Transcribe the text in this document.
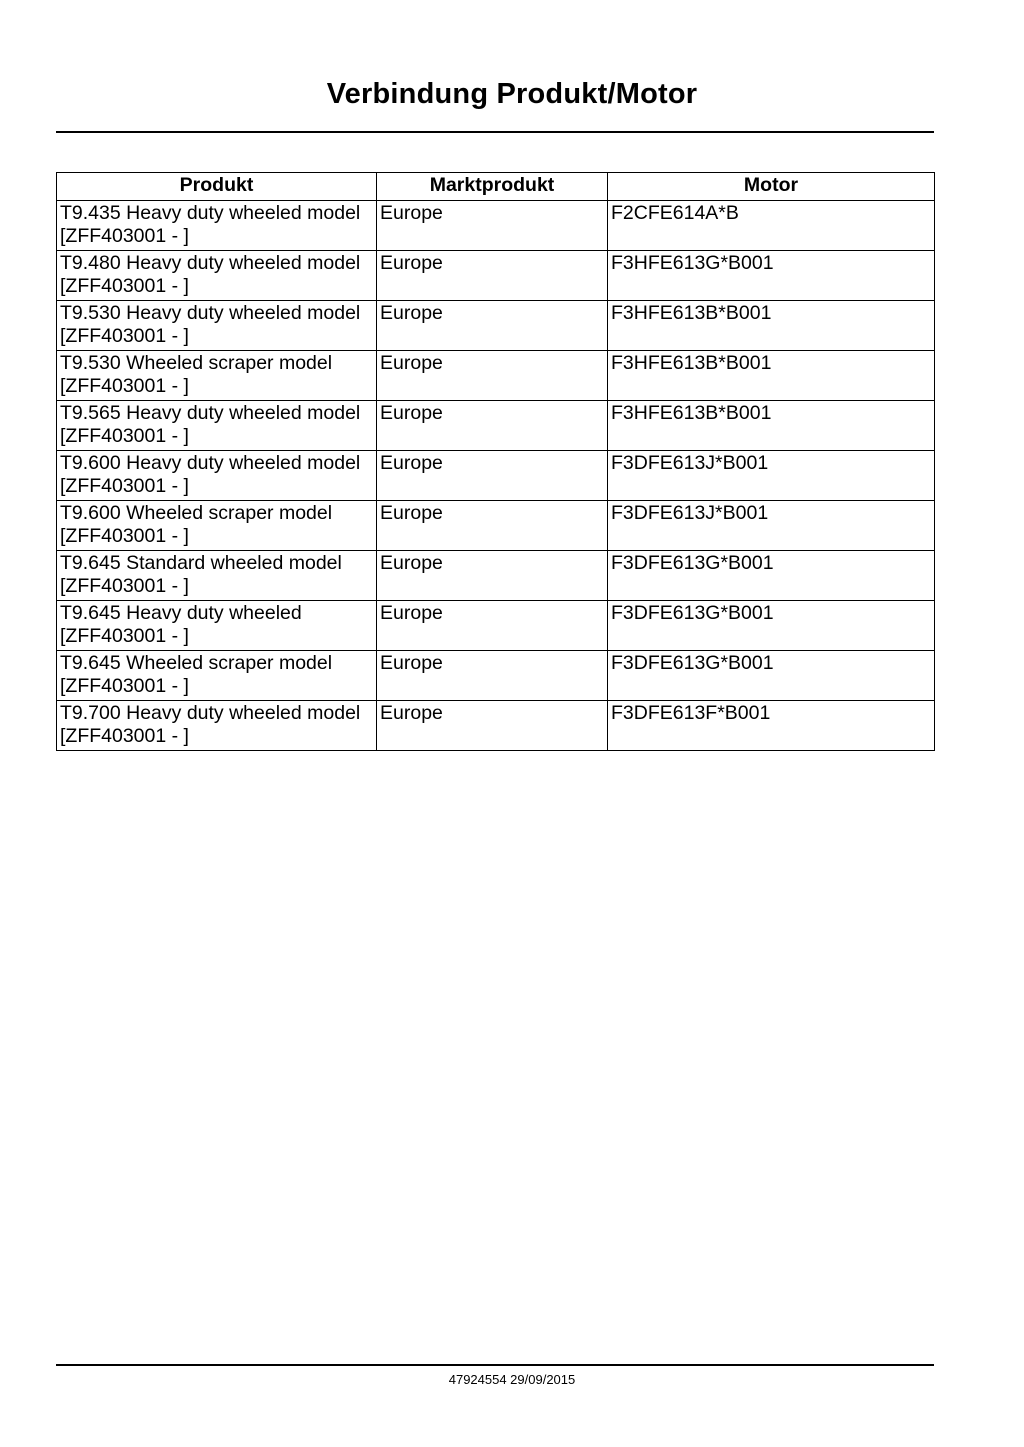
Verbindung Produkt/Motor
Produkt	Marktprodukt	Motor
T9.435 Heavy duty wheeled model
[ZFF403001 - ]	Europe	F2CFE614A*B
T9.480 Heavy duty wheeled model
[ZFF403001 - ]	Europe	F3HFE613G*B001
T9.530 Heavy duty wheeled model
[ZFF403001 - ]	Europe	F3HFE613B*B001
T9.530 Wheeled scraper model
[ZFF403001 - ]	Europe	F3HFE613B*B001
T9.565 Heavy duty wheeled model
[ZFF403001 - ]	Europe	F3HFE613B*B001
T9.600 Heavy duty wheeled model
[ZFF403001 - ]	Europe	F3DFE613J*B001
T9.600 Wheeled scraper model
[ZFF403001 - ]	Europe	F3DFE613J*B001
T9.645 Standard wheeled model
[ZFF403001 - ]	Europe	F3DFE613G*B001
T9.645 Heavy duty wheeled
[ZFF403001 - ]	Europe	F3DFE613G*B001
T9.645 Wheeled scraper model
[ZFF403001 - ]	Europe	F3DFE613G*B001
T9.700 Heavy duty wheeled model
[ZFF403001 - ]	Europe	F3DFE613F*B001
47924554 29/09/2015
